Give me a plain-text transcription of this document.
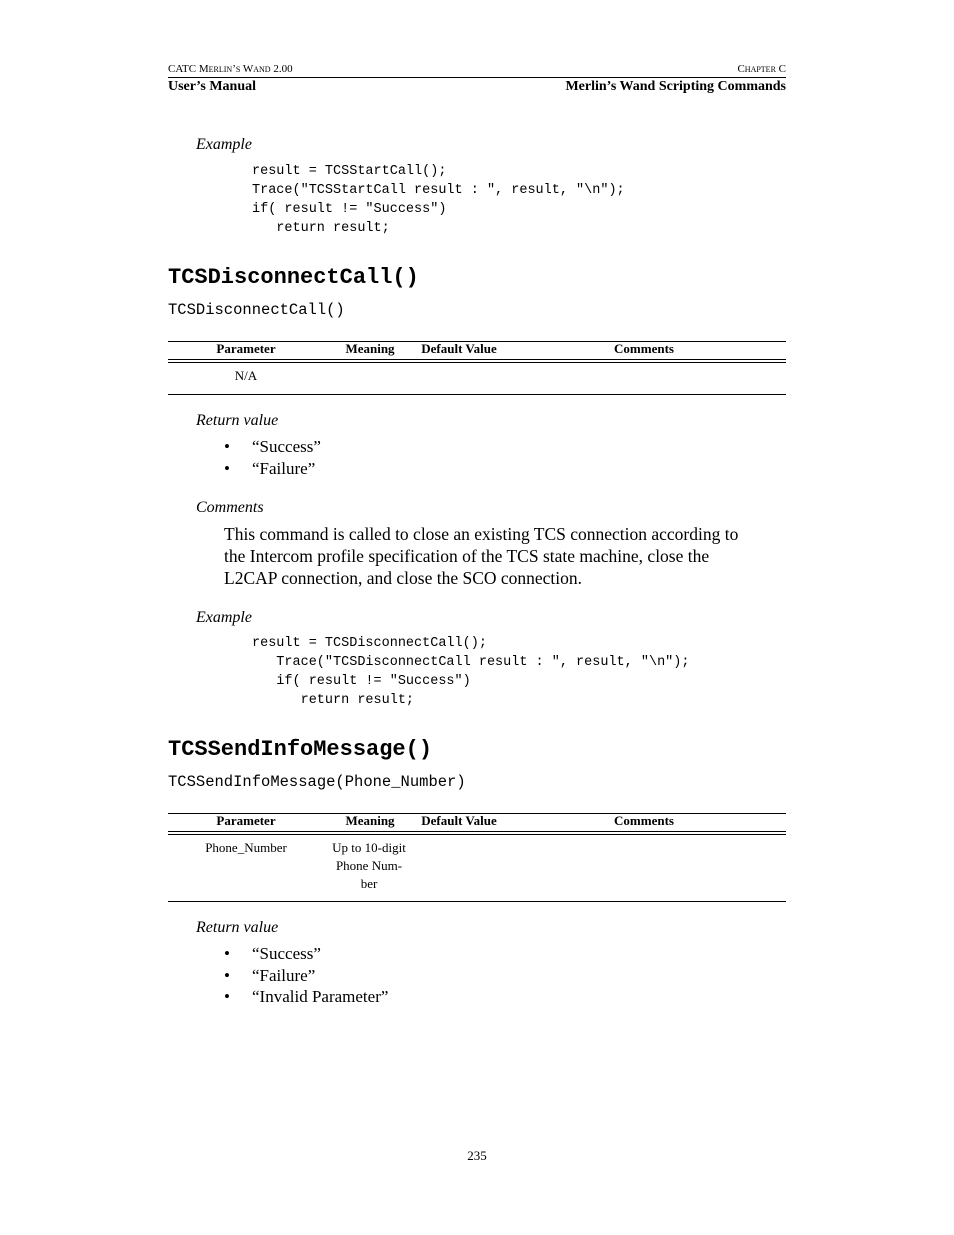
CATC Merlin’s Wand 2.00
User’s Manual
Chapter C
Merlin’s Wand Scripting Commands
Example
result = TCSStartCall();
Trace("TCSStartCall result : ", result, "\n");
if( result != "Success")
return result;
TCSDisconnectCall()
TCSDisconnectCall()
Parameter	Meaning	Default Value	Comments
N/A
Return value
• “Success”
• “Failure”
Comments
This command is called to close an existing TCS connection according to
the Intercom profile specification of the TCS state machine, close the
L2CAP connection, and close the SCO connection.
Example
result = TCSDisconnectCall();
Trace("TCSDisconnectCall result : ", result, "\n");
if( result != "Success")
return result;
TCSSendInfoMessage()
TCSSendInfoMessage(Phone_Number)
Parameter	Meaning	Default Value	Comments
Phone_Number	Up to 10-digit
Phone Num-
ber
Return value
• “Success”
• “Failure”
• “Invalid Parameter”
235
